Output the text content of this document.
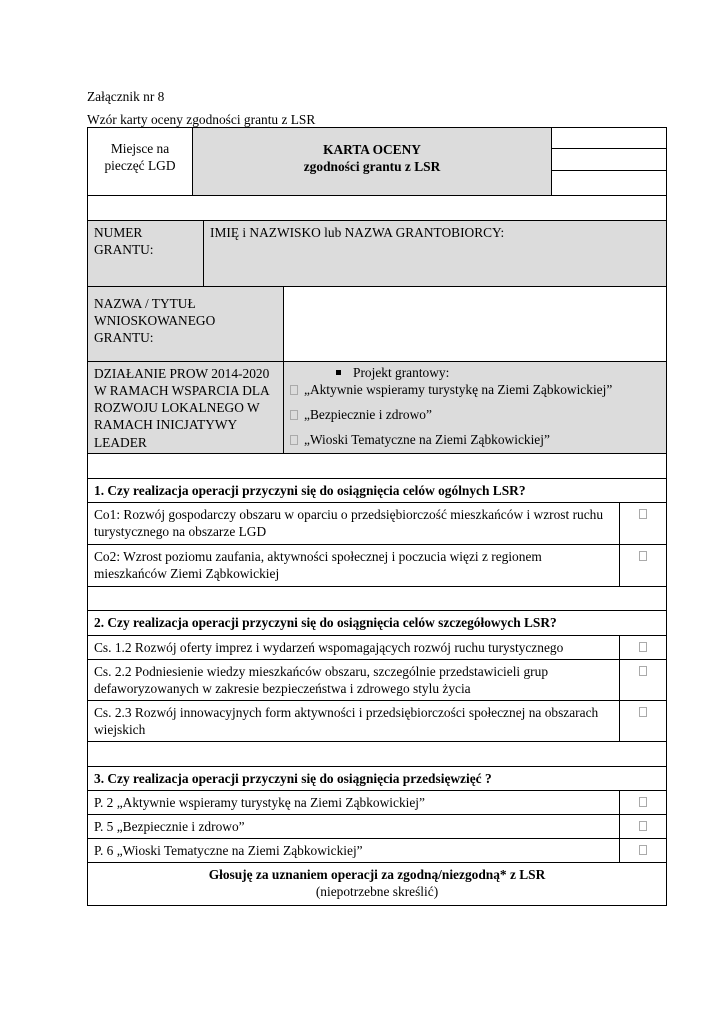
Załącznik nr 8
Wzór karty oceny zgodności grantu z LSR
Miejsce na pieczęć LGD
KARTA OCENY
zgodności grantu z LSR
NUMER GRANTU:
IMIĘ i NAZWISKO lub NAZWA GRANTOBIORCY:
NAZWA / TYTUŁ WNIOSKOWANEGO GRANTU:
DZIAŁANIE PROW 2014-2020 W RAMACH WSPARCIA DLA ROZWOJU LOKALNEGO W RAMACH INICJATYWY LEADER
Projekt grantowy:
„Aktywnie wspieramy turystykę na Ziemi Ząbkowickiej”
„Bezpiecznie i zdrowo”
„Wioski Tematyczne na Ziemi Ząbkowickiej”
1. Czy realizacja operacji przyczyni się do osiągnięcia celów ogólnych LSR?
Co1: Rozwój gospodarczy obszaru w oparciu o przedsiębiorczość mieszkańców i wzrost ruchu turystycznego na obszarze LGD
Co2: Wzrost poziomu zaufania, aktywności społecznej i poczucia więzi z regionem mieszkańców Ziemi Ząbkowickiej
2. Czy realizacja operacji przyczyni się do osiągnięcia celów szczegółowych LSR?
Cs. 1.2 Rozwój oferty imprez i wydarzeń wspomagających rozwój ruchu turystycznego
Cs. 2.2 Podniesienie wiedzy mieszkańców obszaru, szczególnie przedstawicieli grup defaworyzowanych w zakresie bezpieczeństwa i zdrowego stylu życia
Cs. 2.3 Rozwój innowacyjnych form aktywności i przedsiębiorczości społecznej na obszarach wiejskich
3. Czy realizacja operacji przyczyni się do osiągnięcia przedsięwzięć ?
P. 2 „Aktywnie wspieramy turystykę na Ziemi Ząbkowickiej”
P. 5 „Bezpiecznie i zdrowo”
P. 6 „Wioski Tematyczne na Ziemi Ząbkowickiej”
Głosuję za uznaniem operacji za zgodną/niezgodną* z LSR
(niepotrzebne skreślić)
